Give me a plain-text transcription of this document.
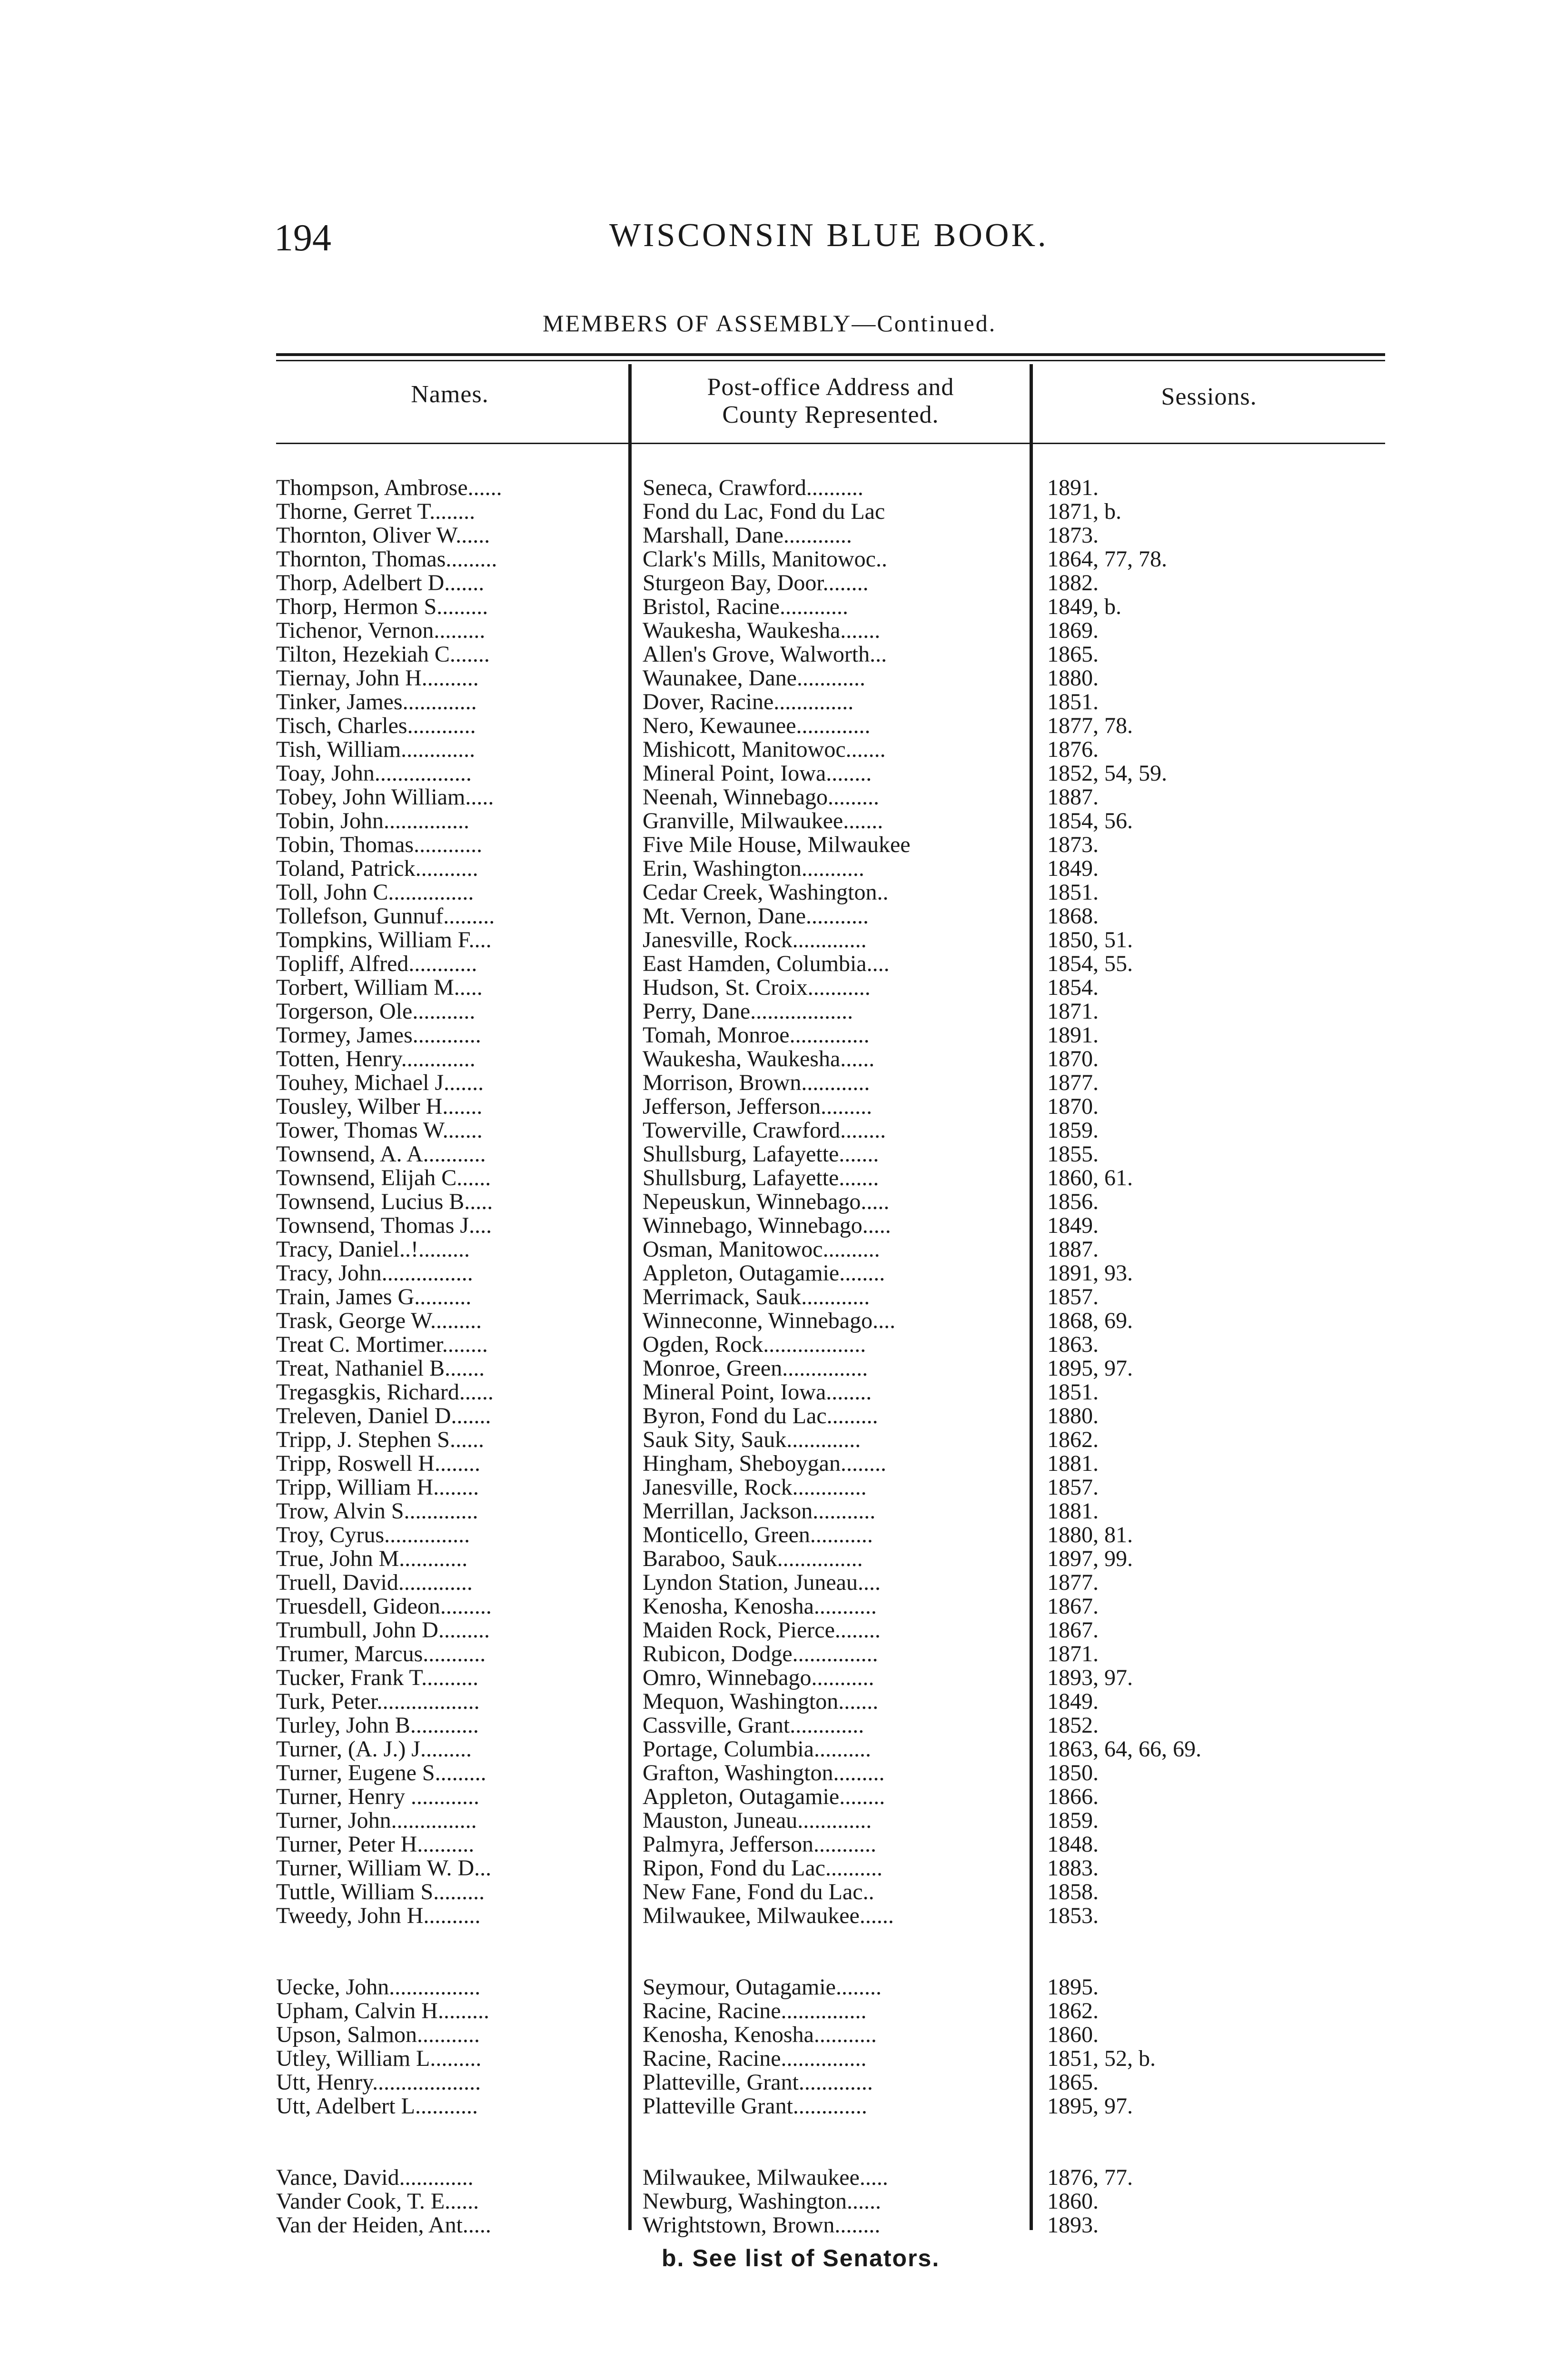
194	WISCONSIN BLUE BOOK.
MEMBERS OF ASSEMBLY—Continued.
Names.	Post-office Address and
County Represented.
Sessions.
Thompson, Ambrose......
Thorne, Gerret T........
Thornton, Oliver W......
Thornton, Thomas.........
Thorp, Adelbert D.......
Thorp, Hermon S.........
Tichenor, Vernon.........
Tilton, Hezekiah C.......
Tiernay, John H..........
Tinker, James.............
Tisch, Charles............
Tish, William.............
Toay, John.................
Tobey, John William.....
Tobin, John...............
Tobin, Thomas............
Toland, Patrick...........
Toll, John C...............
Tollefson, Gunnuf.........
Tompkins, William F....
Topliff, Alfred............
Torbert, William M.....
Torgerson, Ole...........
Tormey, James............
Totten, Henry.............
Touhey, Michael J.......
Tousley, Wilber H.......
Tower, Thomas W.......
Townsend, A. A...........
Townsend, Elijah C......
Townsend, Lucius B.....
Townsend, Thomas J....
Tracy, Daniel..!.........
Tracy, John................
Train, James G..........
Trask, George W.........
Treat C. Mortimer........
Treat, Nathaniel B.......
Tregasgkis, Richard......
Treleven, Daniel D.......
Tripp, J. Stephen S......
Tripp, Roswell H........
Tripp, William H........
Trow, Alvin S.............
Troy, Cyrus...............
True, John M............
Truell, David.............
Truesdell, Gideon.........
Trumbull, John D.........
Trumer, Marcus...........
Tucker, Frank T..........
Turk, Peter..................
Turley, John B............
Turner, (A. J.) J.........
Turner, Eugene S.........
Turner, Henry ............
Turner, John...............
Turner, Peter H..........
Turner, William W. D...
Tuttle, William S.........
Tweedy, John H..........
Uecke, John................
Upham, Calvin H.........
Upson, Salmon...........
Utley, William L.........
Utt, Henry...................
Utt, Adelbert L...........
Vance, David.............
Vander Cook, T. E......
Van der Heiden, Ant.....
Seneca, Crawford..........
Fond du Lac, Fond du Lac
Marshall, Dane............
Clark's Mills, Manitowoc..
Sturgeon Bay, Door........
Bristol, Racine............
Waukesha, Waukesha.......
Allen's Grove, Walworth...
Waunakee, Dane............
Dover, Racine..............
Nero, Kewaunee.............
Mishicott, Manitowoc.......
Mineral Point, Iowa........
Neenah, Winnebago.........
Granville, Milwaukee.......
Five Mile House, Milwaukee
Erin, Washington...........
Cedar Creek, Washington..
Mt. Vernon, Dane...........
Janesville, Rock.............
East Hamden, Columbia....
Hudson, St. Croix...........
Perry, Dane..................
Tomah, Monroe..............
Waukesha, Waukesha......
Morrison, Brown............
Jefferson, Jefferson.........
Towerville, Crawford........
Shullsburg, Lafayette.......
Shullsburg, Lafayette.......
Nepeuskun, Winnebago.....
Winnebago, Winnebago.....
Osman, Manitowoc..........
Appleton, Outagamie........
Merrimack, Sauk............
Winneconne, Winnebago....
Ogden, Rock..................
Monroe, Green...............
Mineral Point, Iowa........
Byron, Fond du Lac.........
Sauk Sity, Sauk.............
Hingham, Sheboygan........
Janesville, Rock.............
Merrillan, Jackson...........
Monticello, Green...........
Baraboo, Sauk...............
Lyndon Station, Juneau....
Kenosha, Kenosha...........
Maiden Rock, Pierce........
Rubicon, Dodge...............
Omro, Winnebago...........
Mequon, Washington.......
Cassville, Grant.............
Portage, Columbia..........
Grafton, Washington.........
Appleton, Outagamie........
Mauston, Juneau.............
Palmyra, Jefferson...........
Ripon, Fond du Lac..........
New Fane, Fond du Lac..
Milwaukee, Milwaukee......
Seymour, Outagamie........
Racine, Racine...............
Kenosha, Kenosha...........
Racine, Racine...............
Platteville, Grant.............
Platteville Grant.............
Milwaukee, Milwaukee.....
Newburg, Washington......
Wrightstown, Brown........
1891.
1871, b.
1873.
1864, 77, 78.
1882.
1849, b.
1869.
1865.
1880.
1851.
1877, 78.
1876.
1852, 54, 59.
1887.
1854, 56.
1873.
1849.
1851.
1868.
1850, 51.
1854, 55.
1854.
1871.
1891.
1870.
1877.
1870.
1859.
1855.
1860, 61.
1856.
1849.
1887.
1891, 93.
1857.
1868, 69.
1863.
1895, 97.
1851.
1880.
1862.
1881.
1857.
1881.
1880, 81.
1897, 99.
1877.
1867.
1867.
1871.
1893, 97.
1849.
1852.
1863, 64, 66, 69.
1850.
1866.
1859.
1848.
1883.
1858.
1853.
1895.
1862.
1860.
1851, 52, b.
1865.
1895, 97.
1876, 77.
1860.
1893.
b. See list of Senators.
